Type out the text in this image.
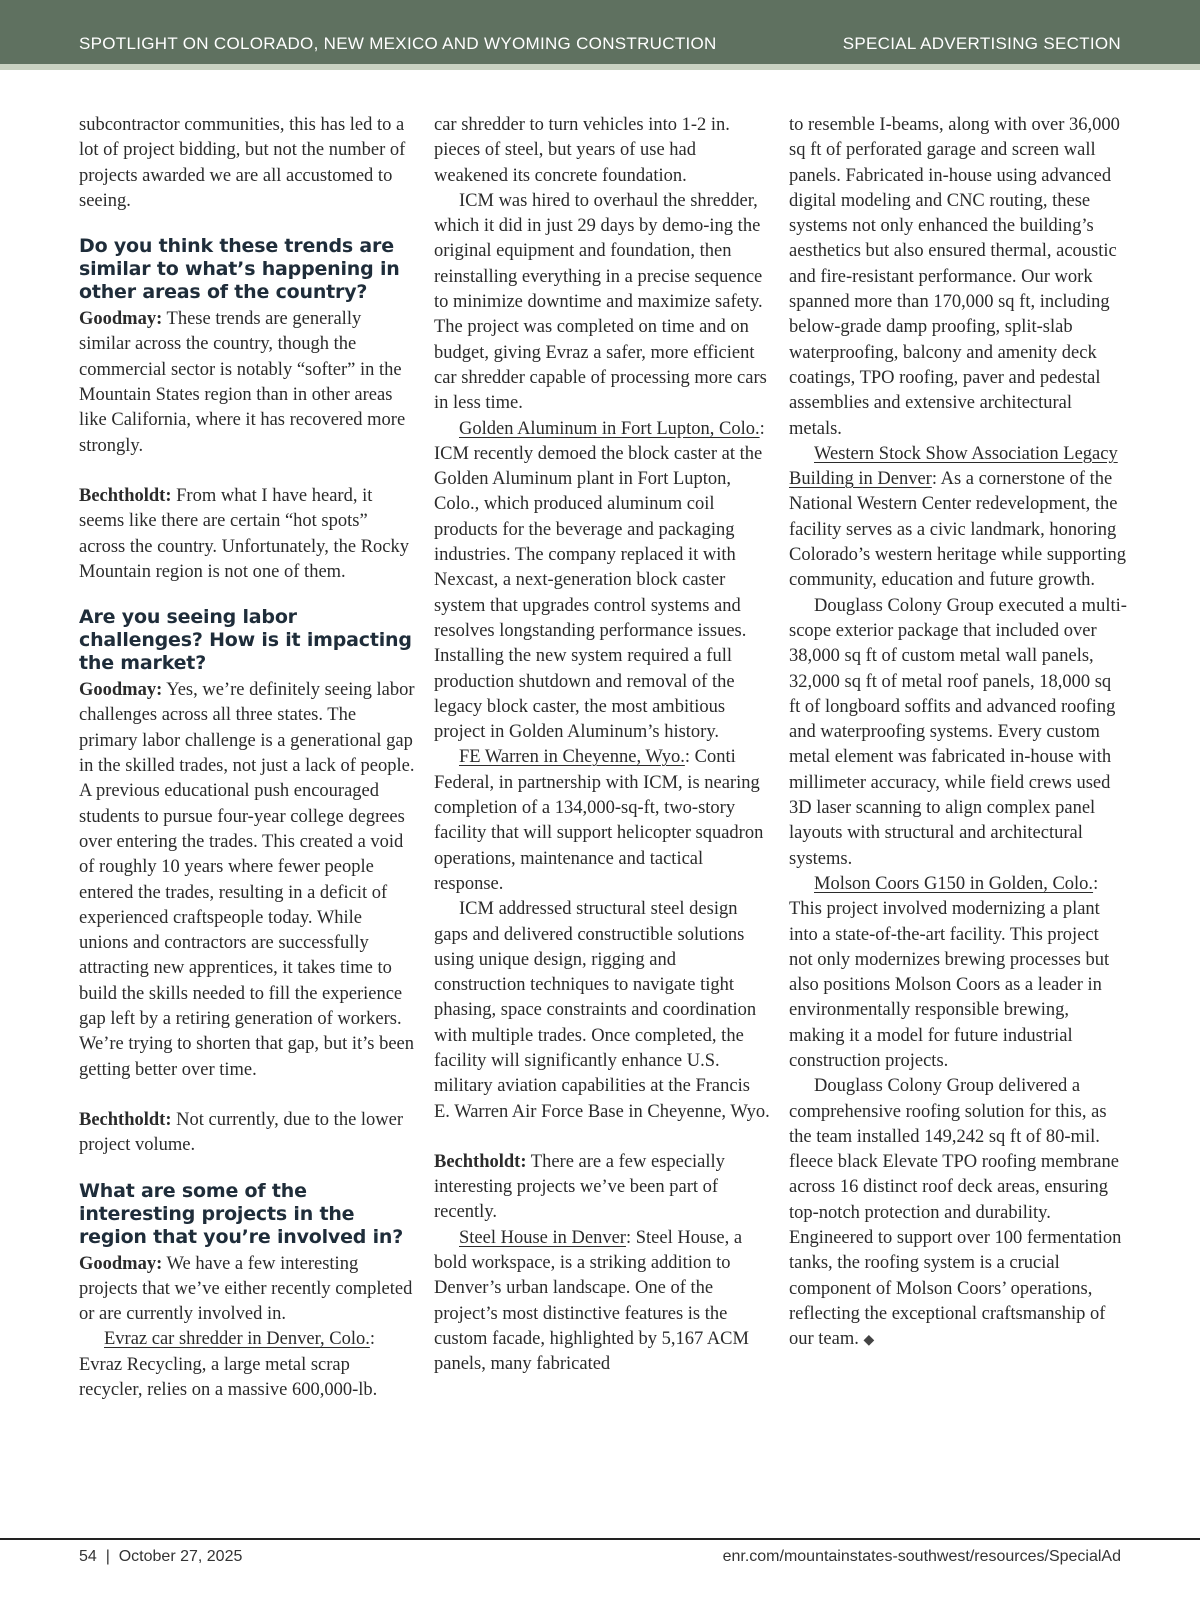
SPOTLIGHT ON COLORADO, NEW MEXICO AND WYOMING CONSTRUCTION	SPECIAL ADVERTISING SECTION

subcontractor communities, this has led to a lot of project bidding, but not the number of projects awarded we are all accustomed to seeing.

Do you think these trends are similar to what’s happening in other areas of the country?

Goodmay: These trends are generally similar across the country, though the commercial sector is notably “softer” in the Mountain States region than in other areas like California, where it has recovered more strongly.

Bechtholdt: From what I have heard, it seems like there are certain “hot spots” across the country. Unfortunately, the Rocky Mountain region is not one of them.

Are you seeing labor challenges? How is it impacting the market?

Goodmay: Yes, we’re definitely seeing labor challenges across all three states. The primary labor challenge is a generational gap in the skilled trades, not just a lack of people. A previous educational push encouraged students to pursue four-year college degrees over entering the trades. This created a void of roughly 10 years where fewer people entered the trades, resulting in a deficit of experienced craftspeople today. While unions and contractors are successfully attracting new apprentices, it takes time to build the skills needed to fill the experience gap left by a retiring generation of workers. We’re trying to shorten that gap, but it’s been getting better over time.

Bechtholdt: Not currently, due to the lower project volume.

What are some of the interesting projects in the region that you’re involved in?

Goodmay: We have a few interesting projects that we’ve either recently completed or are currently involved in.

Evraz car shredder in Denver, Colo.: Evraz Recycling, a large metal scrap recycler, relies on a massive 600,000-lb.

car shredder to turn vehicles into 1-2 in. pieces of steel, but years of use had weakened its concrete foundation.

ICM was hired to overhaul the shredder, which it did in just 29 days by demo-ing the original equipment and foundation, then reinstalling everything in a precise sequence to minimize downtime and maximize safety. The project was completed on time and on budget, giving Evraz a safer, more efficient car shredder capable of processing more cars in less time.

Golden Aluminum in Fort Lupton, Colo.: ICM recently demoed the block caster at the Golden Aluminum plant in Fort Lupton, Colo., which produced aluminum coil products for the beverage and packaging industries. The company replaced it with Nexcast, a next-generation block caster system that upgrades control systems and resolves longstanding performance issues. Installing the new system required a full production shutdown and removal of the legacy block caster, the most ambitious project in Golden Aluminum’s history.

FE Warren in Cheyenne, Wyo.: Conti Federal, in partnership with ICM, is nearing completion of a 134,000-sq-ft, two-story facility that will support helicopter squadron operations, maintenance and tactical response.

ICM addressed structural steel design gaps and delivered constructible solutions using unique design, rigging and construction techniques to navigate tight phasing, space constraints and coordination with multiple trades. Once completed, the facility will significantly enhance U.S. military aviation capabilities at the Francis E. Warren Air Force Base in Cheyenne, Wyo.

Bechtholdt: There are a few especially interesting projects we’ve been part of recently.

Steel House in Denver: Steel House, a bold workspace, is a striking addition to Denver’s urban landscape. One of the project’s most distinctive features is the custom facade, highlighted by 5,167 ACM panels, many fabricated

to resemble I-beams, along with over 36,000 sq ft of perforated garage and screen wall panels. Fabricated in-house using advanced digital modeling and CNC routing, these systems not only enhanced the building’s aesthetics but also ensured thermal, acoustic and fire-resistant performance. Our work spanned more than 170,000 sq ft, including below-grade damp proofing, split-slab waterproofing, balcony and amenity deck coatings, TPO roofing, paver and pedestal assemblies and extensive architectural metals.

Western Stock Show Association Legacy Building in Denver: As a cornerstone of the National Western Center redevelopment, the facility serves as a civic landmark, honoring Colorado’s western heritage while supporting community, education and future growth.

Douglass Colony Group executed a multi-scope exterior package that included over 38,000 sq ft of custom metal wall panels, 32,000 sq ft of metal roof panels, 18,000 sq ft of longboard soffits and advanced roofing and waterproofing systems. Every custom metal element was fabricated in-house with millimeter accuracy, while field crews used 3D laser scanning to align complex panel layouts with structural and architectural systems.

Molson Coors G150 in Golden, Colo.: This project involved modernizing a plant into a state-of-the-art facility. This project not only modernizes brewing processes but also positions Molson Coors as a leader in environmentally responsible brewing, making it a model for future industrial construction projects.

Douglass Colony Group delivered a comprehensive roofing solution for this, as the team installed 149,242 sq ft of 80-mil. fleece black Elevate TPO roofing membrane across 16 distinct roof deck areas, ensuring top-notch protection and durability. Engineered to support over 100 fermentation tanks, the roofing system is a crucial component of Molson Coors’ operations, reflecting the exceptional craftsmanship of our team. ◆

54 | October 27, 2025	enr.com/mountainstates-southwest/resources/SpecialAd
